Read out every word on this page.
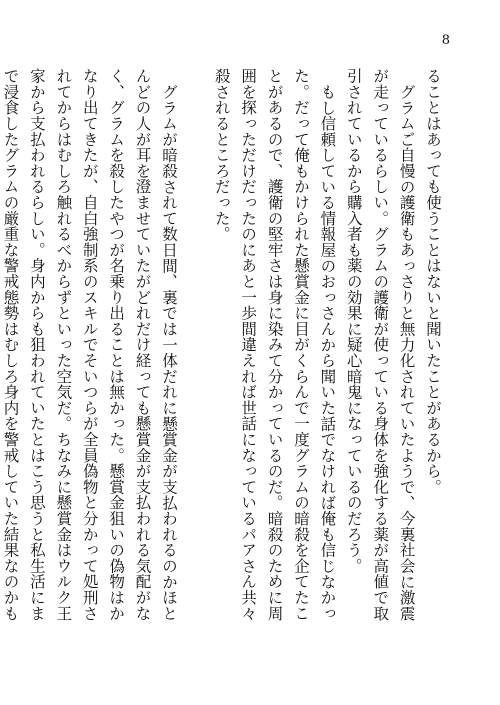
8

ることはあっても使うことはないと聞いたことがあるから。

グラムご自慢の護衛もあっさりと無力化されていたようで、今裏社会に激震が走っているらしい。グラムの護衛が使っている身体を強化する薬が高値で取引されているから購入者も薬の効果に疑心暗鬼になっているのだろう。

もし信頼している情報屋のおっさんから聞いた話でなければ俺も信じなかった。だって俺もかけられた懸賞金に目がくらんで一度グラムの暗殺を企てたことがあるので、護衛の堅牢さは身に染みて分かっているのだ。暗殺のために周囲を探っただけだったのにあと一歩間違えれば世話になっているパアさん共々殺されるところだった。

グラムが暗殺されて数日間、裏では一体だれに懸賞金が支払われるのかほとんどの人が耳を澄ませていたがどれだけ経っても懸賞金が支払われる気配がなく、グラムを殺したやつが名乗り出ることは無かった。懸賞金狙いの偽物はかなり出てきたが、自白強制系のスキルでそいつらが全員偽物と分かって処刑されてからはむしろ触れるべからずといった空気だ。ちなみに懸賞金はウルク王家から支払われるらしい。身内からも狙われていたとはこう思うと私生活にまで浸食したグラムの厳重な警戒態勢はむしろ身内を警戒していた結果なのかも
